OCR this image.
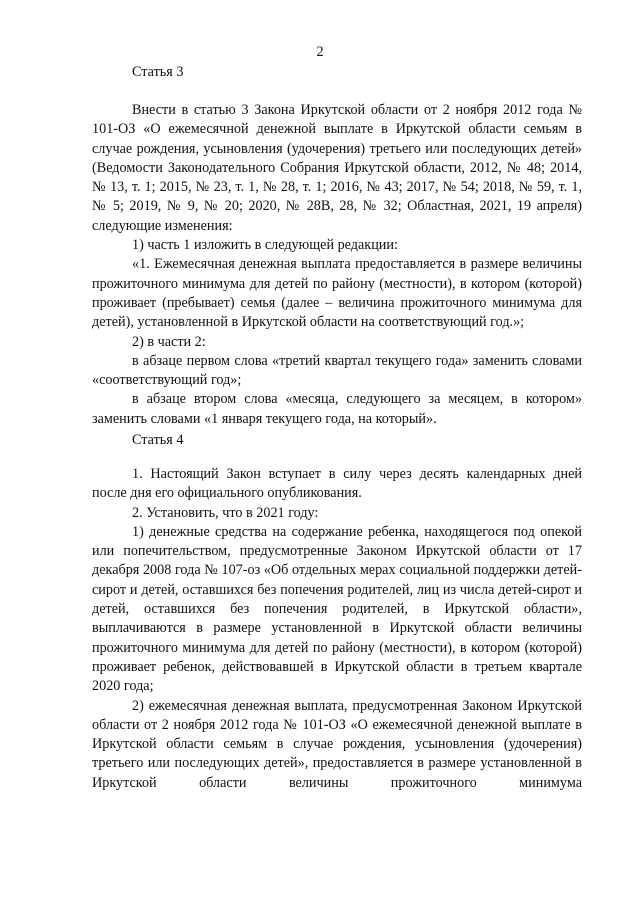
2
Статья 3

Внести в статью 3 Закона Иркутской области от 2 ноября 2012 года № 101-ОЗ «О ежемесячной денежной выплате в Иркутской области семьям в случае рождения, усыновления (удочерения) третьего или последующих детей» (Ведомости Законодательного Собрания Иркутской области, 2012, № 48; 2014, № 13, т. 1; 2015, № 23, т. 1, № 28, т. 1; 2016, № 43; 2017, № 54; 2018, № 59, т. 1, № 5; 2019, № 9, № 20; 2020, № 28В, 28, № 32; Областная, 2021, 19 апреля) следующие изменения:

1) часть 1 изложить в следующей редакции:

«1. Ежемесячная денежная выплата предоставляется в размере величины прожиточного минимума для детей по району (местности), в котором (которой) проживает (пребывает) семья (далее – величина прожиточного минимума для детей), установленной в Иркутской области на соответствующий год.»;

2) в части 2:

в абзаце первом слова «третий квартал текущего года» заменить словами «соответствующий год»;

в абзаце втором слова «месяца, следующего за месяцем, в котором» заменить словами «1 января текущего года, на который».

Статья 4

1. Настоящий Закон вступает в силу через десять календарных дней после дня его официального опубликования.

2. Установить, что в 2021 году:

1) денежные средства на содержание ребенка, находящегося под опекой или попечительством, предусмотренные Законом Иркутской области от 17 декабря 2008 года № 107-оз «Об отдельных мерах социальной поддержки детей-сирот и детей, оставшихся без попечения родителей, лиц из числа детей-сирот и детей, оставшихся без попечения родителей, в Иркутской области», выплачиваются в размере установленной в Иркутской области величины прожиточного минимума для детей по району (местности), в котором (которой) проживает ребенок, действовавшей в Иркутской области в третьем квартале 2020 года;

2) ежемесячная денежная выплата, предусмотренная Законом Иркутской области от 2 ноября 2012 года № 101-ОЗ «О ежемесячной денежной выплате в Иркутской области семьям в случае рождения, усыновления (удочерения) третьего или последующих детей», предоставляется в размере установленной в Иркутской области величины прожиточного минимума
